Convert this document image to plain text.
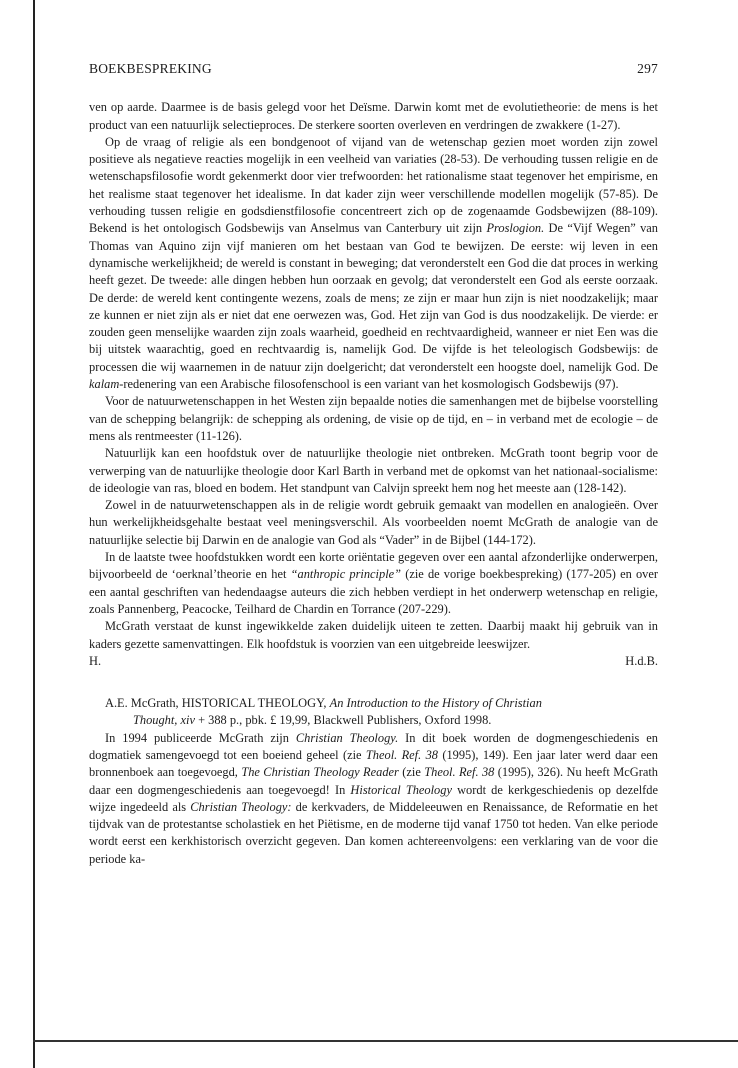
BOEKBESPREKING	297

ven op aarde. Daarmee is de basis gelegd voor het Deïsme. Darwin komt met de evolutietheorie: de mens is het product van een natuurlijk selectieproces. De sterkere soorten overleven en verdringen de zwakkere (1-27).

Op de vraag of religie als een bondgenoot of vijand van de wetenschap gezien moet worden zijn zowel positieve als negatieve reacties mogelijk in een veelheid van variaties (28-53). De verhouding tussen religie en de wetenschapsfilosofie wordt gekenmerkt door vier trefwoorden: het rationalisme staat tegenover het empirisme, en het realisme staat tegenover het idealisme. In dat kader zijn weer verschillende modellen mogelijk (57-85). De verhouding tussen religie en godsdienstfilosofie concentreert zich op de zogenaamde Godsbewijzen (88-109). Bekend is het ontologisch Godsbewijs van Anselmus van Canterbury uit zijn Proslogion. De “Vijf Wegen” van Thomas van Aquino zijn vijf manieren om het bestaan van God te bewijzen. De eerste: wij leven in een dynamische werkelijkheid; de wereld is constant in beweging; dat veronderstelt een God die dat proces in werking heeft gezet. De tweede: alle dingen hebben hun oorzaak en gevolg; dat veronderstelt een God als eerste oorzaak. De derde: de wereld kent contingente wezens, zoals de mens; ze zijn er maar hun zijn is niet noodzakelijk; maar ze kunnen er niet zijn als er niet dat ene oerwezen was, God. Het zijn van God is dus noodzakelijk. De vierde: er zouden geen menselijke waarden zijn zoals waarheid, goedheid en rechtvaardigheid, wanneer er niet Een was die bij uitstek waarachtig, goed en rechtvaardig is, namelijk God. De vijfde is het teleologisch Godsbewijs: de processen die wij waarnemen in de natuur zijn doelgericht; dat veronderstelt een hoogste doel, namelijk God. De kalam-redenering van een Arabische filosofenschool is een variant van het kosmologisch Godsbewijs (97).

Voor de natuurwetenschappen in het Westen zijn bepaalde noties die samenhangen met de bijbelse voorstelling van de schepping belangrijk: de schepping als ordening, de visie op de tijd, en – in verband met de ecologie – de mens als rentmeester (11-126).

Natuurlijk kan een hoofdstuk over de natuurlijke theologie niet ontbreken. McGrath toont begrip voor de verwerping van de natuurlijke theologie door Karl Barth in verband met de opkomst van het nationaal-socialisme: de ideologie van ras, bloed en bodem. Het standpunt van Calvijn spreekt hem nog het meeste aan (128-142).

Zowel in de natuurwetenschappen als in de religie wordt gebruik gemaakt van modellen en analogieën. Over hun werkelijkheidsgehalte bestaat veel meningsverschil. Als voorbeelden noemt McGrath de analogie van de natuurlijke selectie bij Darwin en de analogie van God als “Vader” in de Bijbel (144-172).

In de laatste twee hoofdstukken wordt een korte oriëntatie gegeven over een aantal afzonderlijke onderwerpen, bijvoorbeeld de ‘oerknal’theorie en het “anthropic principle” (zie de vorige boekbespreking) (177-205) en over een aantal geschriften van hedendaagse auteurs die zich hebben verdiept in het onderwerp wetenschap en religie, zoals Pannenberg, Peacocke, Teilhard de Chardin en Torrance (207-229).

McGrath verstaat de kunst ingewikkelde zaken duidelijk uiteen te zetten. Daarbij maakt hij gebruik van in kaders gezette samenvattingen. Elk hoofdstuk is voorzien van een uitgebreide leeswijzer.

H.	H.d.B.

A.E. McGrath, HISTORICAL THEOLOGY, An Introduction to the History of Christian
Thought, xiv + 388 p., pbk. £ 19,99, Blackwell Publishers, Oxford 1998.

In 1994 publiceerde McGrath zijn Christian Theology. In dit boek worden de dogmengeschiedenis en dogmatiek samengevoegd tot een boeiend geheel (zie Theol. Ref. 38 (1995), 149). Een jaar later werd daar een bronnenboek aan toegevoegd, The Christian Theology Reader (zie Theol. Ref. 38 (1995), 326). Nu heeft McGrath daar een dogmengeschiedenis aan toegevoegd! In Historical Theology wordt de kerkgeschiedenis op dezelfde wijze ingedeeld als Christian Theology: de kerkvaders, de Middeleeuwen en Renaissance, de Reformatie en het tijdvak van de protestantse scholastiek en het Piëtisme, en de moderne tijd vanaf 1750 tot heden. Van elke periode wordt eerst een kerkhistorisch overzicht gegeven. Dan komen achtereenvolgens: een verklaring van de voor die periode ka-
